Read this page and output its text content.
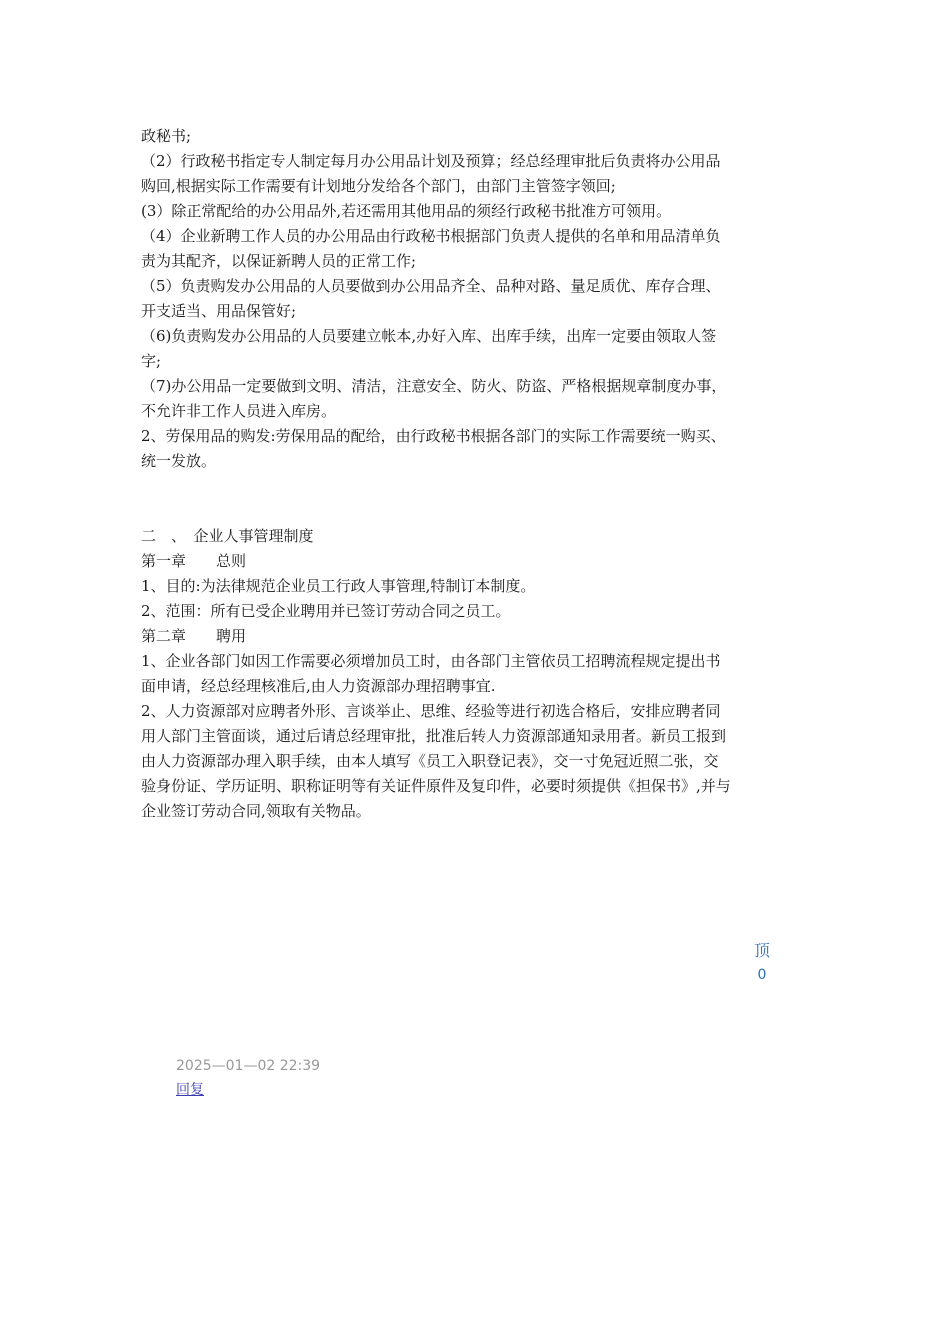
政秘书;

（2）行政秘书指定专人制定每月办公用品计划及预算；经总经理审批后负责将办公用品购回,根据实际工作需要有计划地分发给各个部门，由部门主管签字领回;

(3）除正常配给的办公用品外,若还需用其他用品的须经行政秘书批准方可领用。

（4）企业新聘工作人员的办公用品由行政秘书根据部门负责人提供的名单和用品清单负责为其配齐，以保证新聘人员的正常工作;

（5）负责购发办公用品的人员要做到办公用品齐全、品种对路、量足质优、库存合理、开支适当、用品保管好;

（6)负责购发办公用品的人员要建立帐本,办好入库、出库手续，出库一定要由领取人签字;

（7)办公用品一定要做到文明、清洁，注意安全、防火、防盗、严格根据规章制度办事，不允许非工作人员进入库房。

2、劳保用品的购发:劳保用品的配给，由行政秘书根据各部门的实际工作需要统一购买、统一发放。

二　、　企业人事管理制度

第一章　　总则

1、目的:为法律规范企业员工行政人事管理,特制订本制度。

2、范围：所有已受企业聘用并已签订劳动合同之员工。

第二章　　聘用

1、企业各部门如因工作需要必须增加员工时，由各部门主管依员工招聘流程规定提出书面申请，经总经理核准后,由人力资源部办理招聘事宜.

2、人力资源部对应聘者外形、言谈举止、思维、经验等进行初选合格后，安排应聘者同用人部门主管面谈，通过后请总经理审批，批准后转人力资源部通知录用者。新员工报到由人力资源部办理入职手续，由本人填写《员工入职登记表》，交一寸免冠近照二张，交验身份证、学历证明、职称证明等有关证件原件及复印件，必要时须提供《担保书》,并与企业签订劳动合同,领取有关物品。

顶
0
2025—01—02 22:39
回复
